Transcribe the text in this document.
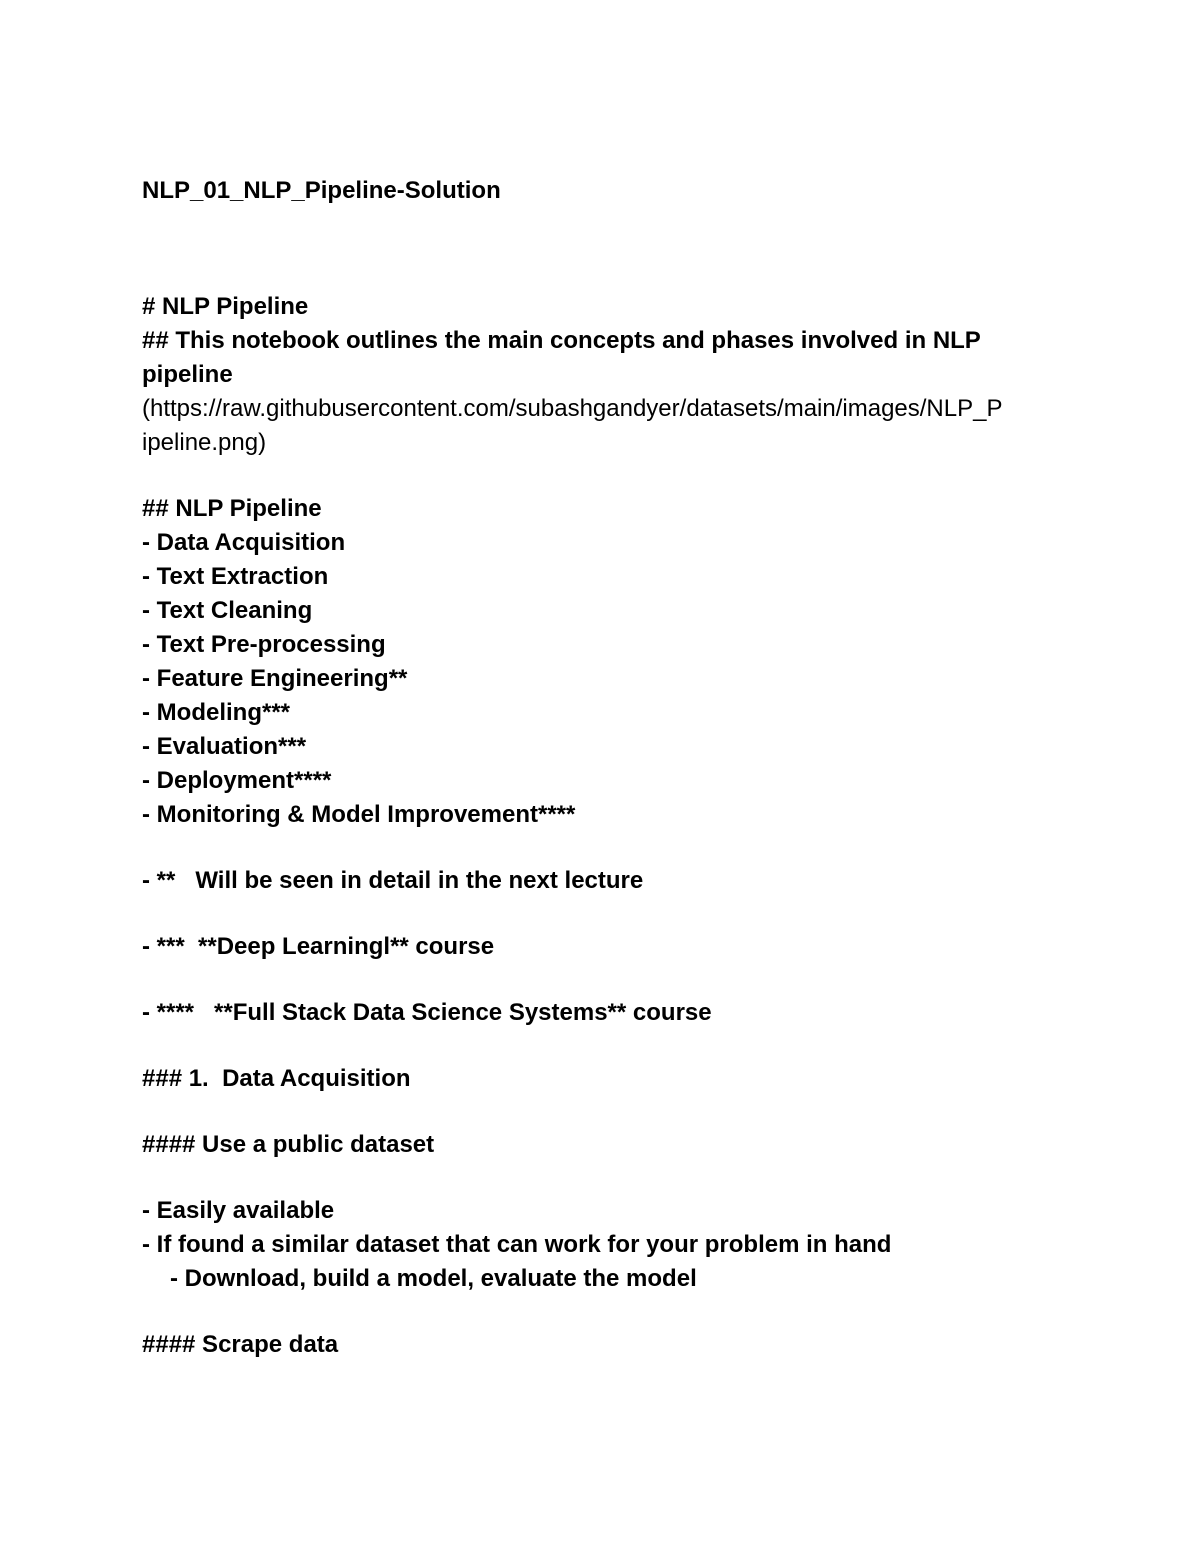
NLP_01_NLP_Pipeline-Solution
# NLP Pipeline
## This notebook outlines the main concepts and phases involved in NLP pipeline
(https://raw.githubusercontent.com/subashgandyer/datasets/main/images/NLP_P
ipeline.png)
## NLP Pipeline
- Data Acquisition
- Text Extraction
- Text Cleaning
- Text Pre-processing
- Feature Engineering**
- Modeling***
- Evaluation***
- Deployment****
- Monitoring & Model Improvement****
- **   Will be seen in detail in the next lecture
- ***  **Deep Learningl** course
- ****   **Full Stack Data Science Systems** course
### 1.  Data Acquisition
#### Use a public dataset
- Easily available
- If found a similar dataset that can work for your problem in hand
- Download, build a model, evaluate the model
#### Scrape data
